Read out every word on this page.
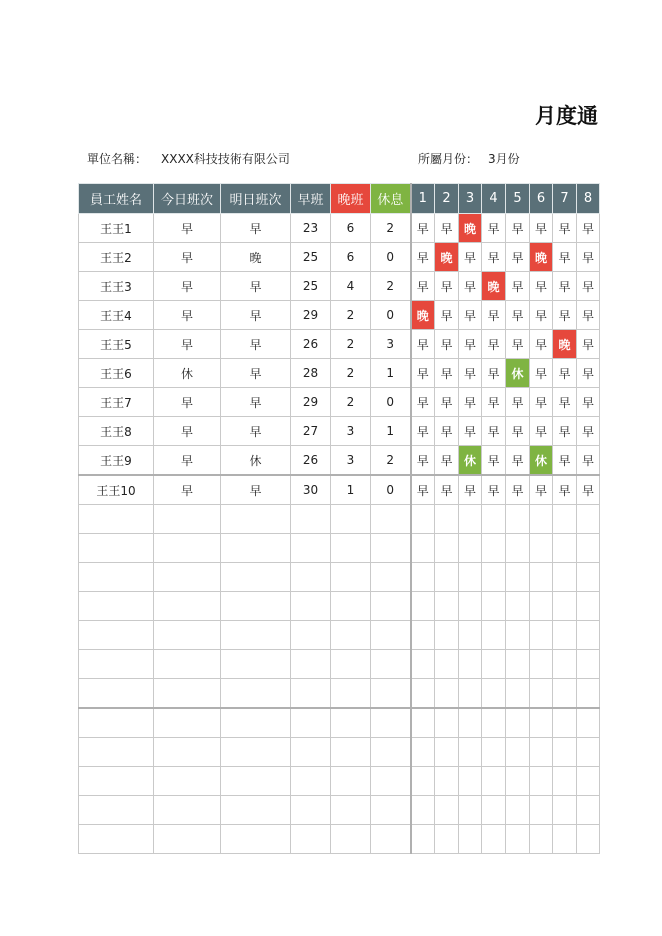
月度通
單位名稱： XXXX科技技術有限公司	所屬月份： 3月份
員工姓名	今日班次	明日班次	早班	晚班	休息	1	2	3	4	5	6	7	8
王王1	早	早	23	6	2	早	早	晚	早	早	早	早	早
王王2	早	晚	25	6	0	早	晚	早	早	早	晚	早	早
王王3	早	早	25	4	2	早	早	早	晚	早	早	早	早
王王4	早	早	29	2	0	晚	早	早	早	早	早	早	早
王王5	早	早	26	2	3	早	早	早	早	早	早	晚	早
王王6	休	早	28	2	1	早	早	早	早	休	早	早	早
王王7	早	早	29	2	0	早	早	早	早	早	早	早	早
王王8	早	早	27	3	1	早	早	早	早	早	早	早	早
王王9	早	休	26	3	2	早	早	休	早	早	休	早	早
王王10	早	早	30	1	0	早	早	早	早	早	早	早	早
